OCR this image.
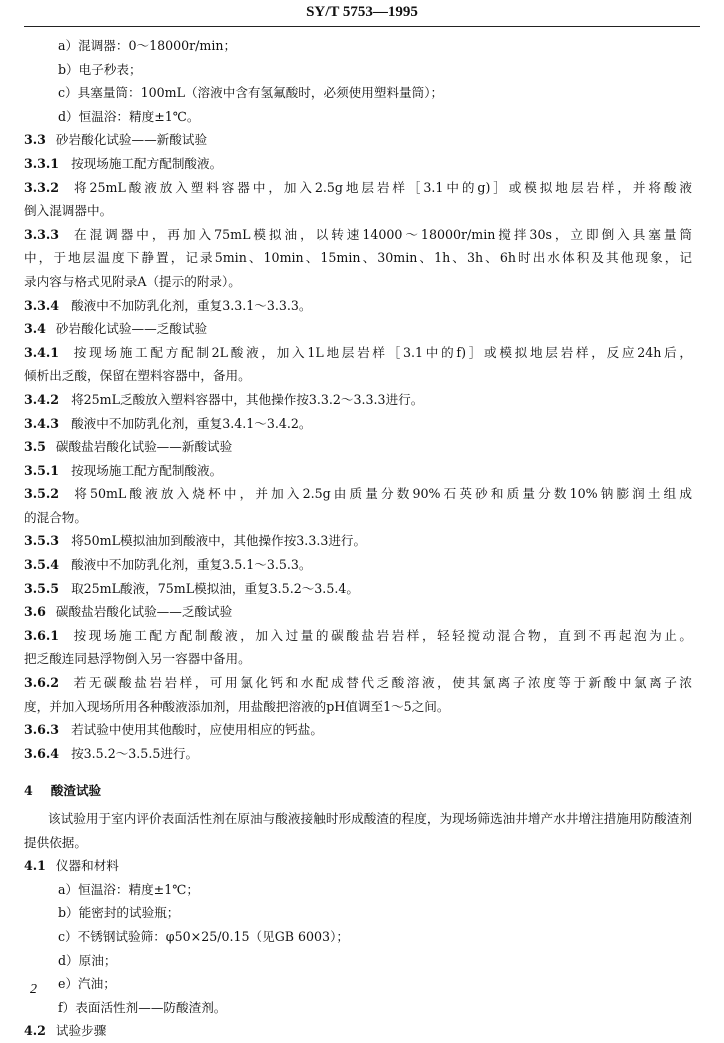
SY/T 5753—1995
a）混调器：0～18000r/min；
b）电子秒表；
c）具塞量筒：100mL（溶液中含有氢氟酸时，必须使用塑料量筒）；
d）恒温浴：精度±1℃。
3.3 砂岩酸化试验——新酸试验
3.3.1 按现场施工配方配制酸液。
3.3.2 将25mL酸液放入塑料容器中，加入2.5g地层岩样［3.1中的g)］或模拟地层岩样，并将酸液
倒入混调器中。
3.3.3 在混调器中，再加入75mL模拟油，以转速14000～18000r/min搅拌30s，立即倒入具塞量筒
中，于地层温度下静置，记录5min、10min、15min、30min、1h、3h、6h时出水体积及其他现象，记
录内容与格式见附录A（提示的附录）。
3.3.4 酸液中不加防乳化剂，重复3.3.1～3.3.3。
3.4 砂岩酸化试验——乏酸试验
3.4.1 按现场施工配方配制2L酸液，加入1L地层岩样［3.1中的f)］或模拟地层岩样，反应24h后，
倾析出乏酸，保留在塑料容器中，备用。
3.4.2 将25mL乏酸放入塑料容器中，其他操作按3.3.2～3.3.3进行。
3.4.3 酸液中不加防乳化剂，重复3.4.1～3.4.2。
3.5 碳酸盐岩酸化试验——新酸试验
3.5.1 按现场施工配方配制酸液。
3.5.2 将50mL酸液放入烧杯中，并加入2.5g由质量分数90%石英砂和质量分数10%钠膨润土组成
的混合物。
3.5.3 将50mL模拟油加到酸液中，其他操作按3.3.3进行。
3.5.4 酸液中不加防乳化剂，重复3.5.1～3.5.3。
3.5.5 取25mL酸液，75mL模拟油，重复3.5.2～3.5.4。
3.6 碳酸盐岩酸化试验——乏酸试验
3.6.1 按现场施工配方配制酸液，加入过量的碳酸盐岩岩样，轻轻搅动混合物，直到不再起泡为止。
把乏酸连同悬浮物倒入另一容器中备用。
3.6.2 若无碳酸盐岩岩样，可用氯化钙和水配成替代乏酸溶液，使其氯离子浓度等于新酸中氯离子浓
度，并加入现场所用各种酸液添加剂，用盐酸把溶液的pH值调至1～5之间。
3.6.3 若试验中使用其他酸时，应使用相应的钙盐。
3.6.4 按3.5.2～3.5.5进行。
4 酸渣试验
该试验用于室内评价表面活性剂在原油与酸液接触时形成酸渣的程度，为现场筛选油井增产水井增注措施用防酸渣剂提供依据。
4.1 仪器和材料
a）恒温浴：精度±1℃；
b）能密封的试验瓶；
c）不锈钢试验筛：φ50×25/0.15（见GB 6003）；
d）原油；
e）汽油；
f）表面活性剂——防酸渣剂。
4.2 试验步骤
2
